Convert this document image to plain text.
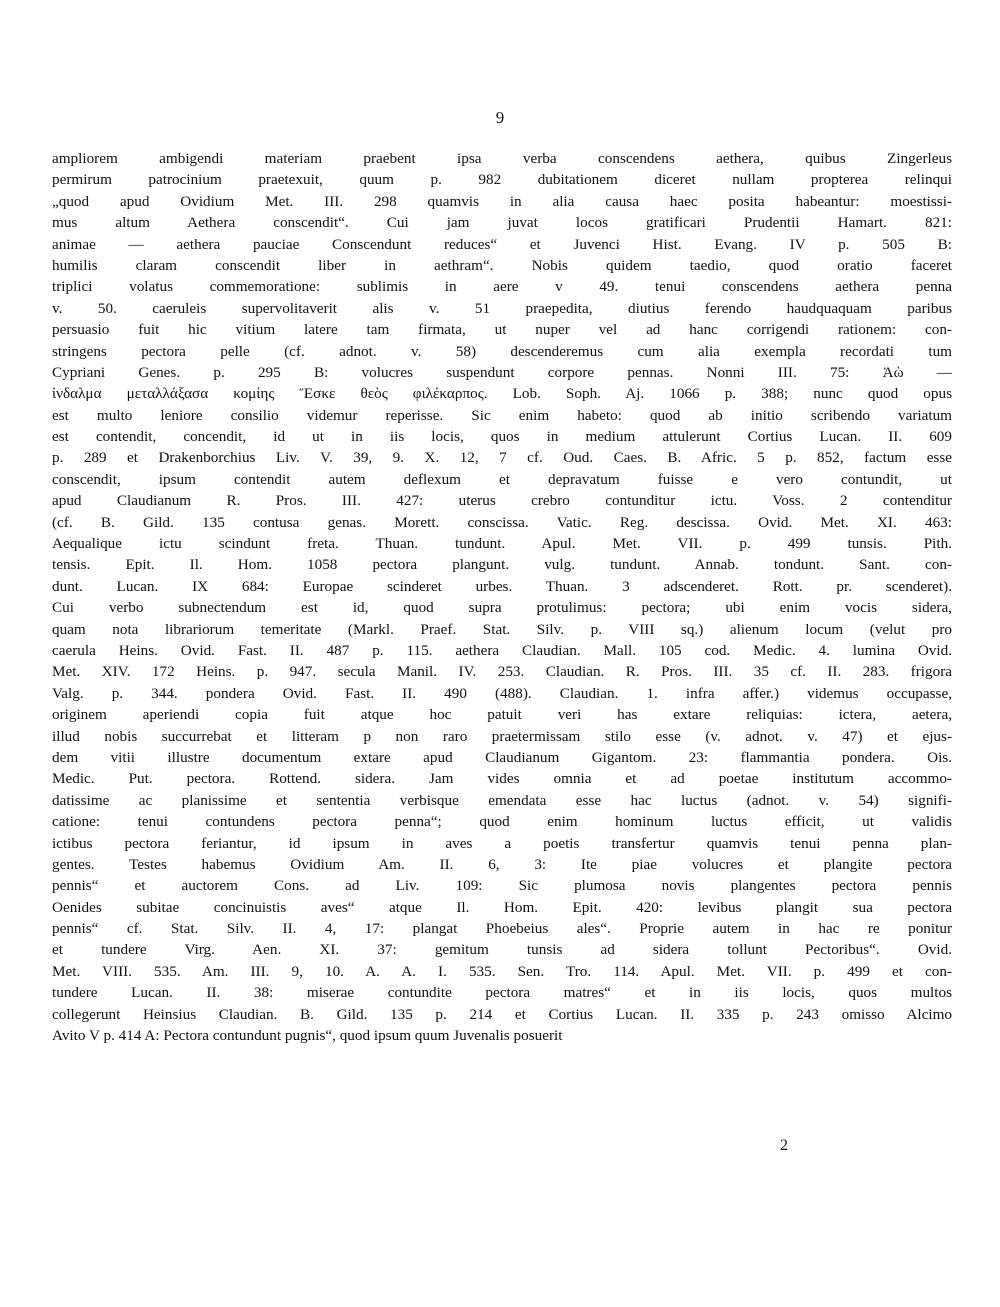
9
ampliorem ambigendi materiam praebent ipsa verba conscendens aethera, quibus Zingerleus
permirum patrocinium praetexuit, quum p. 982 dubitationem diceret nullam propterea relinqui
„quod apud Ovidium Met. III. 298 quamvis in alia causa haec posita habeantur: moestissi-
mus altum Aethera conscendit“. Cui jam juvat locos gratificari Prudentii Hamart. 821:
animae — aethera pauciae Conscendunt reduces“ et Juvenci Hist. Evang. IV p. 505 B:
humilis claram conscendit liber in aethram“. Nobis quidem taedio, quod oratio faceret
triplici volatus commemoratione: sublimis in aere v 49. tenui conscendens aethera penna
v. 50. caeruleis supervolitaverit alis v. 51 praepedita, diutius ferendo haudquaquam paribus
persuasio fuit hic vitium latere tam firmata, ut nuper vel ad hanc corrigendi rationem: con-
stringens pectora pelle (cf. adnot. v. 58) descenderemus cum alia exempla recordati tum
Cypriani Genes. p. 295 B: volucres suspendunt corpore pennas. Nonni III. 75: Ἀὼ —
ἰνδαλμα μεταλλάξασα κομίης Ἔσκε θεὸς φιλέκαρπος. Lob. Soph. Aj. 1066 p. 388; nunc quod opus
est multo leniore consilio videmur reperisse. Sic enim habeto: quod ab initio scribendo variatum
est contendit, concendit, id ut in iis locis, quos in medium attulerunt Cortius Lucan. II. 609
p. 289 et Drakenborchius Liv. V. 39, 9. X. 12, 7 cf. Oud. Caes. B. Afric. 5 p. 852, factum esse
conscendit, ipsum contendit autem deflexum et depravatum fuisse e vero contundit, ut
apud Claudianum R. Pros. III. 427: uterus crebro contunditur ictu. Voss. 2 contenditur
(cf. B. Gild. 135 contusa genas. Morett. conscissa. Vatic. Reg. descissa. Ovid. Met. XI. 463:
Aequalique ictu scindunt freta. Thuan. tundunt. Apul. Met. VII. p. 499 tunsis. Pith.
tensis. Epit. Il. Hom. 1058 pectora plangunt. vulg. tundunt. Annab. tondunt. Sant. con-
dunt. Lucan. IX 684: Europae scinderet urbes. Thuan. 3 adscenderet. Rott. pr. scenderet).
Cui verbo subnectendum est id, quod supra protulimus: pectora; ubi enim vocis sidera,
quam nota librariorum temeritate (Markl. Praef. Stat. Silv. p. VIII sq.) alienum locum (velut pro
caerula Heins. Ovid. Fast. II. 487 p. 115. aethera Claudian. Mall. 105 cod. Medic. 4. lumina Ovid.
Met. XIV. 172 Heins. p. 947. secula Manil. IV. 253. Claudian. R. Pros. III. 35 cf. II. 283. frigora
Valg. p. 344. pondera Ovid. Fast. II. 490 (488). Claudian. 1. infra affer.) videmus occupasse,
originem aperiendi copia fuit atque hoc patuit veri has extare reliquias: ictera, aetera,
illud nobis succurrebat et litteram p non raro praetermissam stilo esse (v. adnot. v. 47) et ejus-
dem vitii illustre documentum extare apud Claudianum Gigantom. 23: flammantia pondera. Ois.
Medic. Put. pectora. Rottend. sidera. Jam vides omnia et ad poetae institutum accommo-
datissime ac planissime et sententia verbisque emendata esse hac luctus (adnot. v. 54) signifi-
catione: tenui contundens pectora penna“; quod enim hominum luctus efficit, ut validis
ictibus pectora feriantur, id ipsum in aves a poetis transfertur quamvis tenui penna plan-
gentes. Testes habemus Ovidium Am. II. 6, 3: Ite piae volucres et plangite pectora
pennis“ et auctorem Cons. ad Liv. 109: Sic plumosa novis plangentes pectora pennis
Oenides subitae concinuistis aves“ atque Il. Hom. Epit. 420: levibus plangit sua pectora
pennis“ cf. Stat. Silv. II. 4, 17: plangat Phoebeius ales“. Proprie autem in hac re ponitur
et tundere Virg. Aen. XI. 37: gemitum tunsis ad sidera tollunt Pectoribus“. Ovid.
Met. VIII. 535. Am. III. 9, 10. A. A. I. 535. Sen. Tro. 114. Apul. Met. VII. p. 499 et con-
tundere Lucan. II. 38: miserae contundite pectora matres“ et in iis locis, quos multos
collegerunt Heinsius Claudian. B. Gild. 135 p. 214 et Cortius Lucan. II. 335 p. 243 omisso Alcimo
Avito V p. 414 A: Pectora contundunt pugnis“, quod ipsum quum Juvenalis posuerit
2
